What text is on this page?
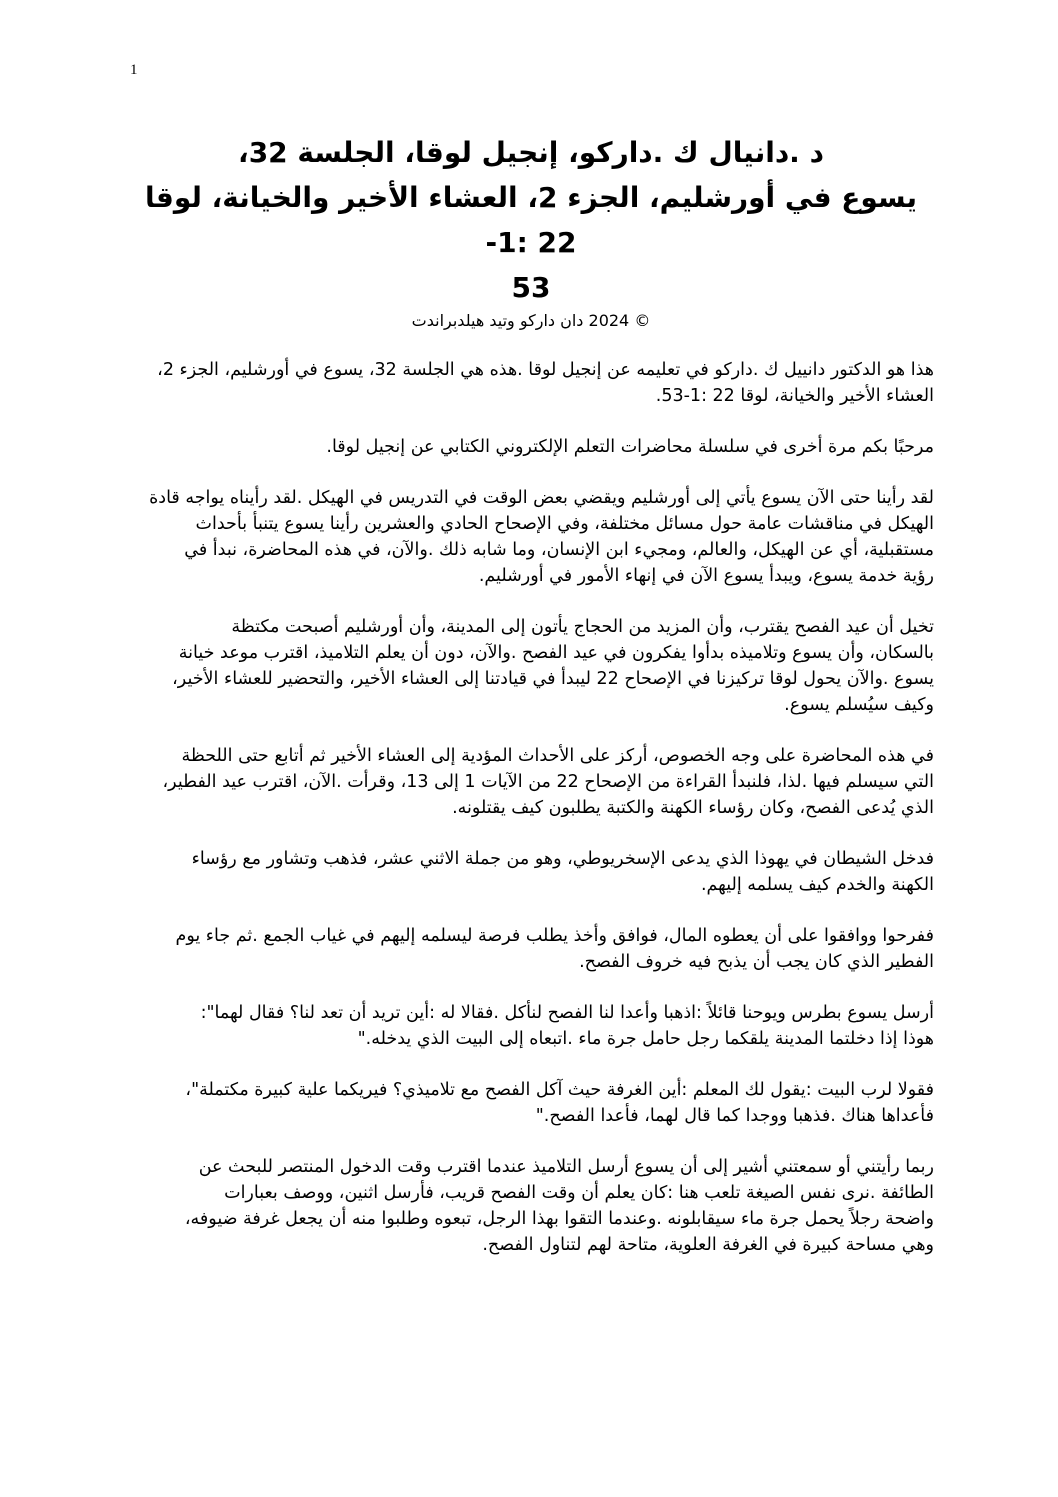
1
د .دانيال ك .داركو، إنجيل لوقا، الجلسة 32،
يسوع في أورشليم، الجزء 2، العشاء الأخير والخيانة، لوقا 22 :1-
53
© 2024 دان داركو وتيد هيلدبراندت

هذا هو الدكتور دانييل ك .داركو في تعليمه عن إنجيل لوقا .هذه هي الجلسة 32، يسوع في أورشليم، الجزء 2،
العشاء الأخير والخيانة، لوقا 22 :1-53.

مرحبًا بكم مرة أخرى في سلسلة محاضرات التعلم الإلكتروني الكتابي عن إنجيل لوقا.

لقد رأينا حتى الآن يسوع يأتي إلى أورشليم ويقضي بعض الوقت في التدريس في الهيكل .لقد رأيناه يواجه قادة
الهيكل في مناقشات عامة حول مسائل مختلفة، وفي الإصحاح الحادي والعشرين رأينا يسوع يتنبأ بأحداث
مستقبلية، أي عن الهيكل، والعالم، ومجيء ابن الإنسان، وما شابه ذلك .والآن، في هذه المحاضرة، نبدأ في
رؤية خدمة يسوع، ويبدأ يسوع الآن في إنهاء الأمور في أورشليم.

تخيل أن عيد الفصح يقترب، وأن المزيد من الحجاج يأتون إلى المدينة، وأن أورشليم أصبحت مكتظة
بالسكان، وأن يسوع وتلاميذه بدأوا يفكرون في عيد الفصح .والآن، دون أن يعلم التلاميذ، اقترب موعد خيانة
يسوع .والآن يحول لوقا تركيزنا في الإصحاح 22 ليبدأ في قيادتنا إلى العشاء الأخير، والتحضير للعشاء الأخير،
وكيف سيُسلم يسوع.

في هذه المحاضرة على وجه الخصوص، أركز على الأحداث المؤدية إلى العشاء الأخير ثم أتابع حتى اللحظة
التي سيسلم فيها .لذا، فلنبدأ القراءة من الإصحاح 22 من الآيات 1 إلى 13، وقرأت .الآن، اقترب عيد الفطير،
الذي يُدعى الفصح، وكان رؤساء الكهنة والكتبة يطلبون كيف يقتلونه.

فدخل الشيطان في يهوذا الذي يدعى الإسخريوطي، وهو من جملة الاثني عشر، فذهب وتشاور مع رؤساء
الكهنة والخدم كيف يسلمه إليهم.

ففرحوا ووافقوا على أن يعطوه المال، فوافق وأخذ يطلب فرصة ليسلمه إليهم في غياب الجمع .ثم جاء يوم
الفطير الذي كان يجب أن يذبح فيه خروف الفصح.

أرسل يسوع بطرس ويوحنا قائلاً :اذهبا وأعدا لنا الفصح لنأكل .فقالا له :أين تريد أن تعد لنا؟ فقال لهما":
هوذا إذا دخلتما المدينة يلقكما رجل حامل جرة ماء .اتبعاه إلى البيت الذي يدخله."

فقولا لرب البيت :يقول لك المعلم :أين الغرفة حيث آكل الفصح مع تلاميذي؟ فيريكما علية كبيرة مكتملة"،
فأعداها هناك .فذهبا ووجدا كما قال لهما، فأعدا الفصح."

ربما رأيتني أو سمعتني أشير إلى أن يسوع أرسل التلاميذ عندما اقترب وقت الدخول المنتصر للبحث عن
الطائفة .نرى نفس الصيغة تلعب هنا :كان يعلم أن وقت الفصح قريب، فأرسل اثنين، ووصف بعبارات
واضحة رجلاً يحمل جرة ماء سيقابلونه .وعندما التقوا بهذا الرجل، تبعوه وطلبوا منه أن يجعل غرفة ضيوفه،
وهي مساحة كبيرة في الغرفة العلوية، متاحة لهم لتناول الفصح.
